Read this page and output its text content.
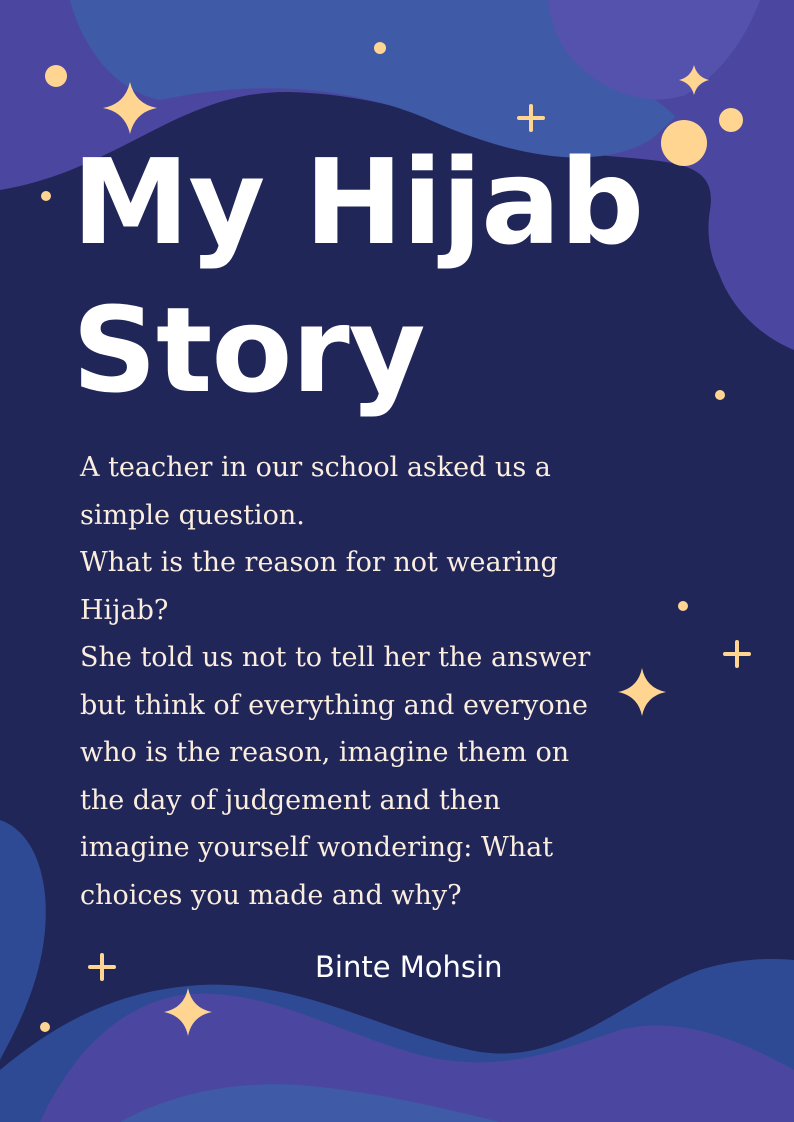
My Hijab
Story
A teacher in our school asked us a
simple question.
What is the reason for not wearing
Hijab?
She told us not to tell her the answer
but think of everything and everyone
who is the reason, imagine them on
the day of judgement and then
imagine yourself wondering: What
choices you made and why?
Binte Mohsin
